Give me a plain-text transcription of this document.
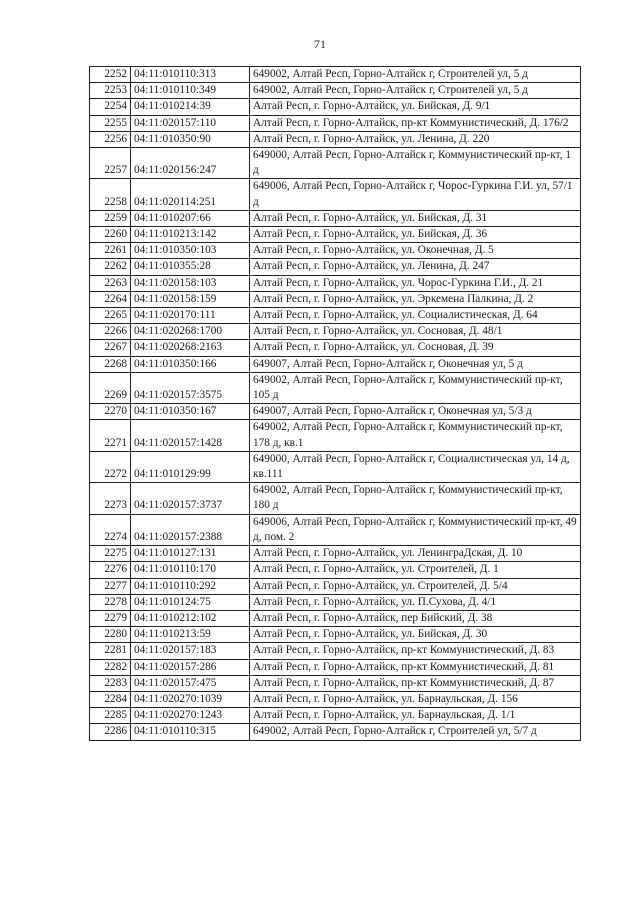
71
2252	04:11:010110:313	649002, Алтай Респ, Горно-Алтайск г, Строителей ул, 5 д
2253	04:11:010110:349	649002, Алтай Респ, Горно-Алтайск г, Строителей ул, 5 д
2254	04:11:010214:39	Алтай Респ, г. Горно-Алтайск, ул. Бийская, Д. 9/1
2255	04:11:020157:110	Алтай Респ, г. Горно-Алтайск, пр-кт Коммунистический, Д. 176/2
2256	04:11:010350:90	Алтай Респ, г. Горно-Алтайск, ул. Ленина, Д. 220
2257	04:11:020156:247	649000, Алтай Респ, Горно-Алтайск г, Коммунистический пр-кт, 1 д
2258	04:11:020114:251	649006, Алтай Респ, Горно-Алтайск г, Чорос-Гуркина Г.И. ул, 57/1 д
2259	04:11:010207:66	Алтай Респ, г. Горно-Алтайск, ул. Бийская, Д. 31
2260	04:11:010213:142	Алтай Респ, г. Горно-Алтайск, ул. Бийская, Д. 36
2261	04:11:010350:103	Алтай Респ, г. Горно-Алтайск, ул. Оконечная, Д. 5
2262	04:11:010355:28	Алтай Респ, г. Горно-Алтайск, ул. Ленина, Д. 247
2263	04:11:020158:103	Алтай Респ, г. Горно-Алтайск, ул. Чорос-Гуркина Г.И., Д. 21
2264	04:11:020158:159	Алтай Респ, г. Горно-Алтайск, ул. Эркемена Палкина, Д. 2
2265	04:11:020170:111	Алтай Респ, г. Горно-Алтайск, ул. Социалистическая, Д. 64
2266	04:11:020268:1700	Алтай Респ, г. Горно-Алтайск, ул. Сосновая, Д. 48/1
2267	04:11:020268:2163	Алтай Респ, г. Горно-Алтайск, ул. Сосновая, Д. 39
2268	04:11:010350:166	649007, Алтай Респ, Горно-Алтайск г, Оконечная ул, 5 д
2269	04:11:020157:3575	649002, Алтай Респ, Горно-Алтайск г, Коммунистический пр-кт, 105 д
2270	04:11:010350:167	649007, Алтай Респ, Горно-Алтайск г, Оконечная ул, 5/3 д
2271	04:11:020157:1428	649002, Алтай Респ, Горно-Алтайск г, Коммунистический пр-кт, 178 д, кв.1
2272	04:11:010129:99	649000, Алтай Респ, Горно-Алтайск г, Социалистическая ул, 14 д, кв.111
2273	04:11:020157:3737	649002, Алтай Респ, Горно-Алтайск г, Коммунистический пр-кт, 180 д
2274	04:11:020157:2388	649006, Алтай Респ, Горно-Алтайск г, Коммунистический пр-кт, 49 д, пом. 2
2275	04:11:010127:131	Алтай Респ, г. Горно-Алтайск, ул. ЛенинграДская, Д. 10
2276	04:11:010110:170	Алтай Респ, г. Горно-Алтайск, ул. Строителей, Д. 1
2277	04:11:010110:292	Алтай Респ, г. Горно-Алтайск, ул. Строителей, Д. 5/4
2278	04:11:010124:75	Алтай Респ, г. Горно-Алтайск, ул. П.Сухова, Д. 4/1
2279	04:11:010212:102	Алтай Респ, г. Горно-Алтайск, пер Бийский, Д. 38
2280	04:11:010213:59	Алтай Респ, г. Горно-Алтайск, ул. Бийская, Д. 30
2281	04:11:020157:183	Алтай Респ, г. Горно-Алтайск, пр-кт Коммунистический, Д. 83
2282	04:11:020157:286	Алтай Респ, г. Горно-Алтайск, пр-кт Коммунистический, Д. 81
2283	04:11:020157:475	Алтай Респ, г. Горно-Алтайск, пр-кт Коммунистический, Д. 87
2284	04:11:020270:1039	Алтай Респ, г. Горно-Алтайск, ул. Барнаульская, Д. 156
2285	04:11:020270:1243	Алтай Респ, г. Горно-Алтайск, ул. Барнаульская, Д. 1/1
2286	04:11:010110:315	649002, Алтай Респ, Горно-Алтайск г, Строителей ул, 5/7 д
